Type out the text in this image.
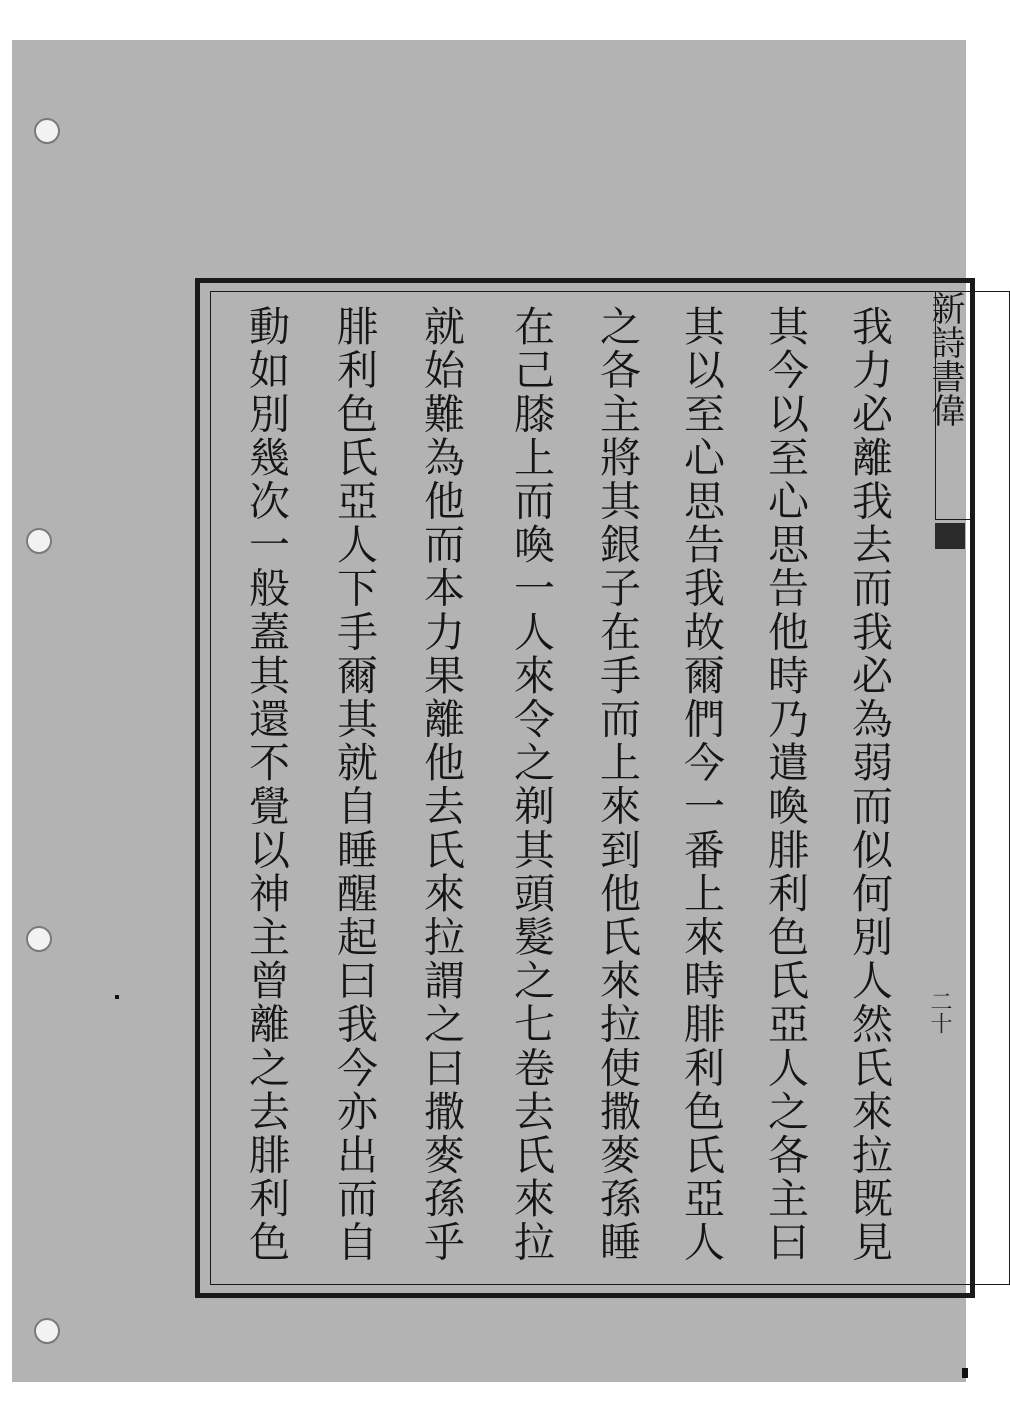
新詩書偉
我力必離我去而我必為弱而似何別人然氏來拉既見
其今以至心思告他時乃遣喚腓利色氏亞人之各主曰
其以至心思告我故爾們今一番上來時腓利色氏亞人
之各主將其銀子在手而上來到他氏來拉使撒麥孫睡
在己膝上而喚一人來令之剃其頭髮之七卷去氏來拉
就始難為他而本力果離他去氏來拉謂之曰撒麥孫乎
腓利色氏亞人下手爾其就自睡醒起曰我今亦出而自
動如別幾次一般蓋其還不覺以神主曾離之去腓利色	二十
